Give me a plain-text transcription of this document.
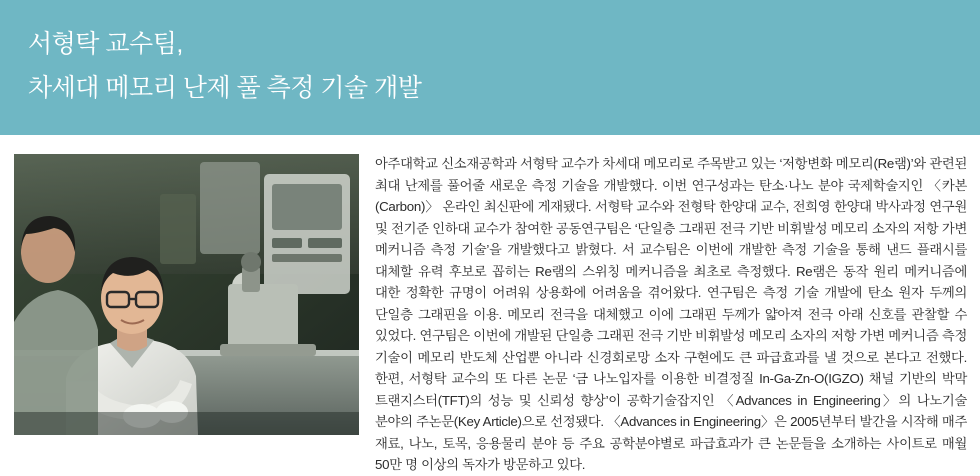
서형탁 교수팀,
차세대 메모리 난제 풀 측정 기술 개발

아주대학교 신소재공학과 서형탁 교수가 차세대 메모리로 주목받고 있는 ‘저항변화 메모리(Re램)’와 관련된 최대 난제를 풀어줄 새로운 측정 기술을 개발했다. 이번 연구성과는 탄소·나노 분야 국제학술지인 〈카본(Carbon)〉 온라인 최신판에 게재됐다. 서형탁 교수와 전형탁 한양대 교수, 전희영 한양대 박사과정 연구원 및 전기준 인하대 교수가 참여한 공동연구팀은 ‘단일층 그래핀 전극 기반 비휘발성 메모리 소자의 저항 가변 메커니즘 측정 기술’을 개발했다고 밝혔다. 서 교수팀은 이번에 개발한 측정 기술을 통해 낸드 플래시를 대체할 유력 후보로 꼽히는 Re램의 스위칭 메커니즘을 최초로 측정했다. Re램은 동작 원리 메커니즘에 대한 정확한 규명이 어려워 상용화에 어려움을 겪어왔다. 연구팀은 측정 기술 개발에 탄소 원자 두께의 단일층 그래핀을 이용. 메모리 전극을 대체했고 이에 그래핀 두께가 얇아져 전극 아래 신호를 관찰할 수 있었다. 연구팀은 이번에 개발된 단일층 그래핀 전극 기반 비휘발성 메모리 소자의 저항 가변 메커니즘 측정 기술이 메모리 반도체 산업뿐 아니라 신경회로망 소자 구현에도 큰 파급효과를 낼 것으로 본다고 전했다. 한편, 서형탁 교수의 또 다른 논문 ‘금 나노입자를 이용한 비결정질 In-Ga-Zn-O(IGZO) 채널 기반의 박막 트랜지스터(TFT)의 성능 및 신뢰성 향상’이 공학기술잡지인 〈Advances in Engineering〉의 나노기술 분야의 주논문(Key Article)으로 선정됐다. 〈Advances in Engineering〉은 2005년부터 발간을 시작해 매주 재료, 나노, 토목, 응용물리 분야 등 주요 공학분야별로 파급효과가 큰 논문들을 소개하는 사이트로 매월 50만 명 이상의 독자가 방문하고 있다.
